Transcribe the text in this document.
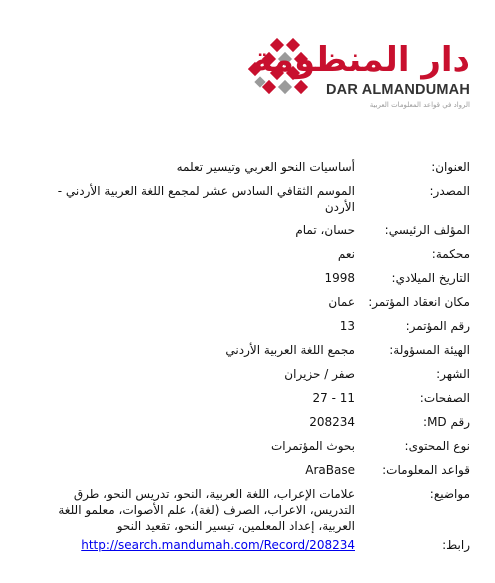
دار المنظومة
DAR ALMANDUMAH
الرواد في قواعد المعلومات العربية
العنوان:
أساسيات النحو العربي وتيسير تعلمه
المصدر:
الموسم الثقافي السادس عشر لمجمع اللغة العربية الأردني - الأردن
المؤلف الرئيسي:
حسان، تمام
محكمة:
نعم
التاريخ الميلادي:
1998
مكان انعقاد المؤتمر:
عمان
رقم المؤتمر:
13
الهيئة المسؤولة:
مجمع اللغة العربية الأردني
الشهر:
صفر / حزيران
الصفحات:
11 - 27
رقم MD:
208234
نوع المحتوى:
بحوث المؤتمرات
قواعد المعلومات:
AraBase
مواضيع:
علامات الإعراب، اللغة العربية، النحو، تدريس النحو، طرق التدريس، الاعراب، الصرف (لغة)، علم الأصوات، معلمو اللغة العربية، إعداد المعلمين، تيسير النحو، تقعيد النحو
رابط:
http://search.mandumah.com/Record/208234
